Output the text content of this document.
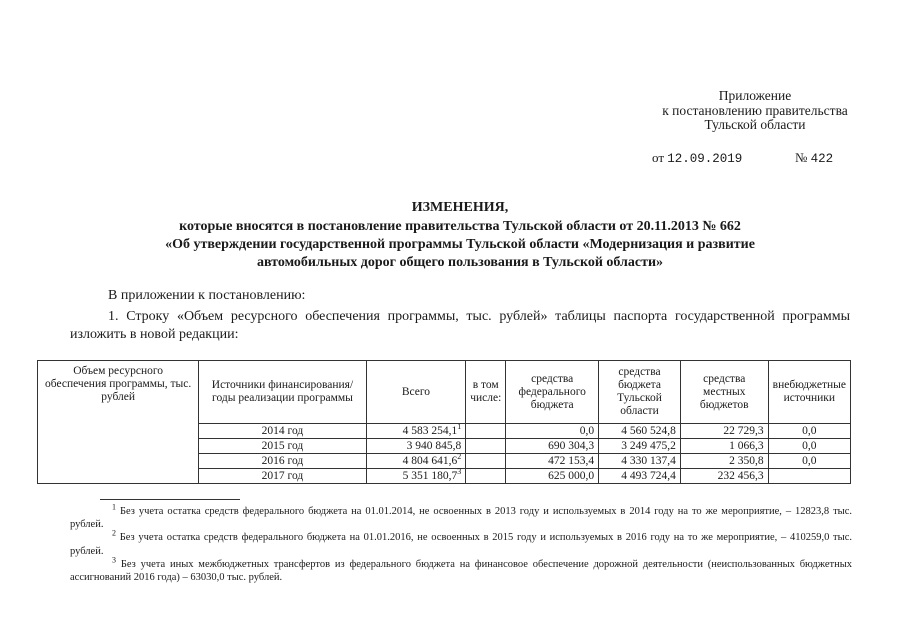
Приложение
к постановлению правительства
Тульской области
от 12.09.2019	№ 422
ИЗМЕНЕНИЯ,
которые вносятся в постановление правительства Тульской области от 20.11.2013 № 662
«Об утверждении государственной программы Тульской области «Модернизация и развитие
автомобильных дорог общего пользования в Тульской области»
В приложении к постановлению:
1. Строку «Объем ресурсного обеспечения программы, тыс. рублей» таблицы паспорта государственной программы изложить в новой редакции:
Объем ресурсного обеспечения программы, тыс. рублей	Источники финансирования/ годы реализации программы	Всего	в том числе:	средства федерального бюджета	средства бюджета Тульской области	средства местных бюджетов	внебюджетные источники
	2014 год	4 583 254,1$^1$		0,0	4 560 524,8	22 729,3	0,0
	2015 год	3 940 845,8		690 304,3	3 249 475,2	1 066,3	0,0
	2016 год	4 804 641,6$^2$		472 153,4	4 330 137,4	2 350,8	0,0
	2017 год	5 351 180,7$^3$		625 000,0	4 493 724,4	232 456,3	
$^1$ Без учета остатка средств федерального бюджета на 01.01.2014, не освоенных в 2013 году и используемых в 2014 году на то же мероприятие, – 12823,8 тыс. рублей.
$^2$ Без учета остатка средств федерального бюджета на 01.01.2016, не освоенных в 2015 году и используемых в 2016 году на то же мероприятие, – 410259,0 тыс. рублей.
$^3$ Без учета иных межбюджетных трансфертов из федерального бюджета на финансовое обеспечение дорожной деятельности (неиспользованных бюджетных ассигнований 2016 года) – 63030,0 тыс. рублей.
